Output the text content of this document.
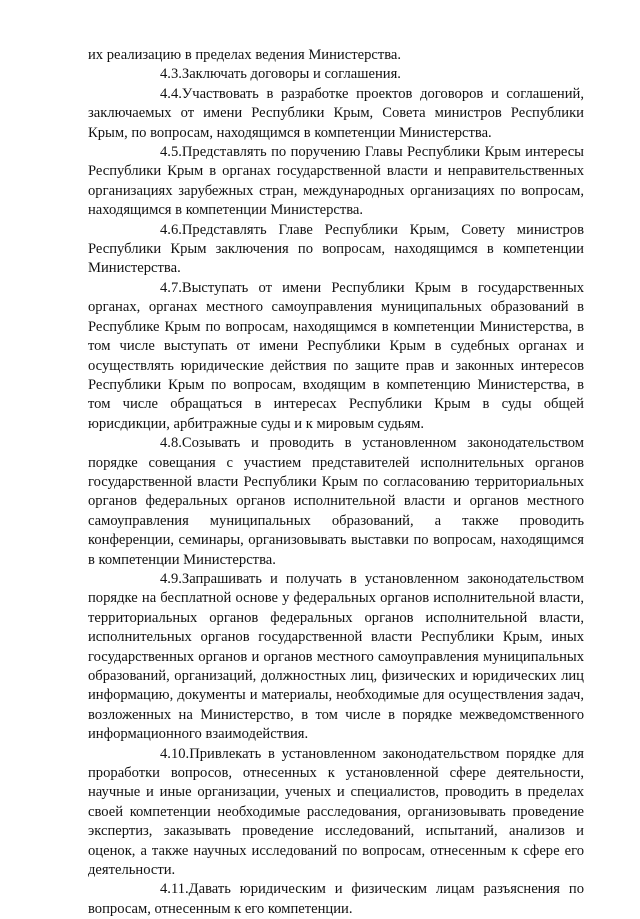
их реализацию в пределах ведения Министерства.

4.3.Заключать договоры и соглашения.

4.4.Участвовать в разработке проектов договоров и соглашений, заключаемых от имени Республики Крым, Совета министров Республики Крым, по вопросам, находящимся в компетенции Министерства.

4.5.Представлять по поручению Главы Республики Крым интересы Республики Крым в органах государственной власти и неправительственных организациях зарубежных стран, международных организациях по вопросам, находящимся в компетенции Министерства.

4.6.Представлять Главе Республики Крым, Совету министров Республики Крым заключения по вопросам, находящимся в компетенции Министерства.

4.7.Выступать от имени Республики Крым в государственных органах, органах местного самоуправления муниципальных образований в Республике Крым по вопросам, находящимся в компетенции Министерства, в том числе выступать от имени Республики Крым в судебных органах и осуществлять юридические действия по защите прав и законных интересов Республики Крым по вопросам, входящим в компетенцию Министерства, в том числе обращаться в интересах Республики Крым в суды общей юрисдикции, арбитражные суды и к мировым судьям.

4.8.Созывать и проводить в установленном законодательством порядке совещания с участием представителей исполнительных органов государственной власти Республики Крым по согласованию территориальных органов федеральных органов исполнительной власти и органов местного самоуправления муниципальных образований, а также проводить конференции, семинары, организовывать выставки по вопросам, находящимся в компетенции Министерства.

4.9.Запрашивать и получать в установленном законодательством порядке на бесплатной основе у федеральных органов исполнительной власти, территориальных органов федеральных органов исполнительной власти, исполнительных органов государственной власти Республики Крым, иных государственных органов и органов местного самоуправления муниципальных образований, организаций, должностных лиц, физических и юридических лиц информацию, документы и материалы, необходимые для осуществления задач, возложенных на Министерство, в том числе в порядке межведомственного информационного взаимодействия.

4.10.Привлекать в установленном законодательством порядке для проработки вопросов, отнесенных к установленной сфере деятельности, научные и иные организации, ученых и специалистов, проводить в пределах своей компетенции необходимые расследования, организовывать проведение экспертиз, заказывать проведение исследований, испытаний, анализов и оценок, а также научных исследований по вопросам, отнесенным к сфере его деятельности.

4.11.Давать юридическим и физическим лицам разъяснения по вопросам, отнесенным к его компетенции.
